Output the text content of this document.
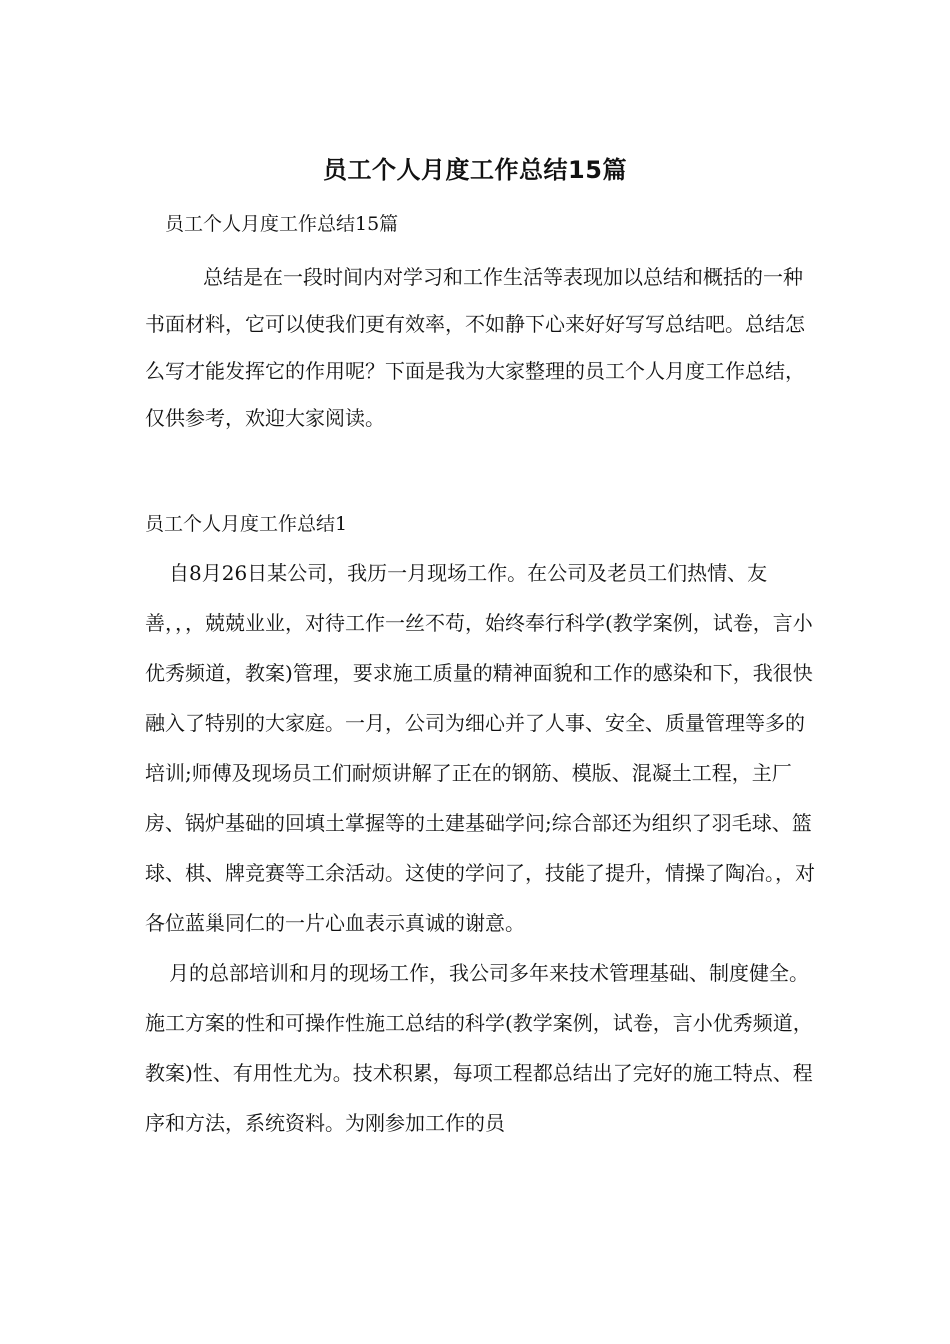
员工个人月度工作总结15篇
员工个人月度工作总结15篇
总结是在一段时间内对学习和工作生活等表现加以总结和概括的一种书面材料，它可以使我们更有效率，不如静下心来好好写写总结吧。总结怎么写才能发挥它的作用呢？下面是我为大家整理的员工个人月度工作总结，仅供参考，欢迎大家阅读。
员工个人月度工作总结1

自8月26日某公司，我历一月现场工作。在公司及老员工们热情、友善，，，兢兢业业，对待工作一丝不苟，始终奉行科学(教学案例，试卷，言小优秀频道，教案)管理，要求施工质量的精神面貌和工作的感染和下，我很快融入了特别的大家庭。一月，公司为细心并了人事、安全、质量管理等多的培训;师傅及现场员工们耐烦讲解了正在的钢筋、模版、混凝土工程，主厂房、锅炉基础的回填土掌握等的土建基础学问;综合部还为组织了羽毛球、篮球、棋、牌竞赛等工余活动。这使的学问了，技能了提升，情操了陶冶。，对各位蓝巢同仁的一片心血表示真诚的谢意。

月的总部培训和月的现场工作，我公司多年来技术管理基础、制度健全。施工方案的性和可操作性施工总结的科学(教学案例，试卷，言小优秀频道，教案)性、有用性尤为。技术积累，每项工程都总结出了完好的施工特点、程序和方法，系统资料。为刚参加工作的员
